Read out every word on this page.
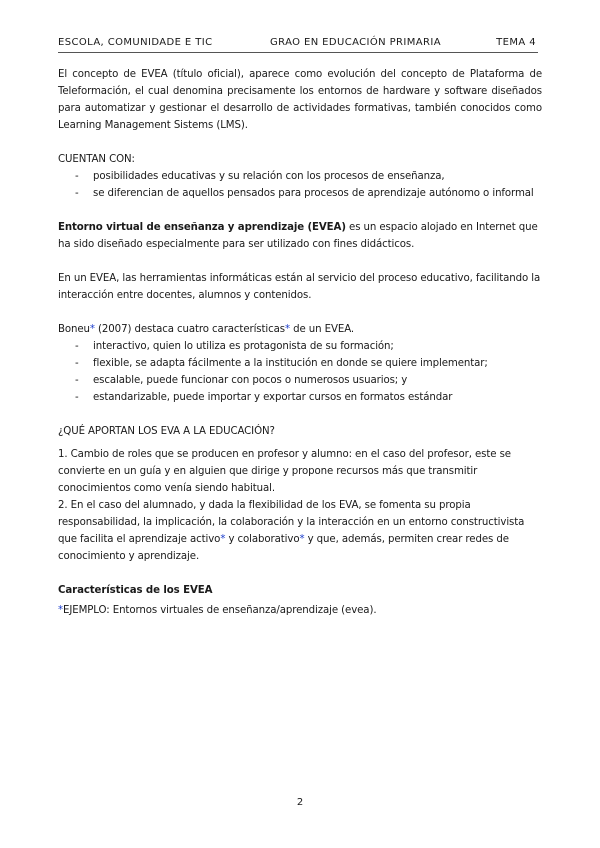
ESCOLA, COMUNIDADE E TIC	GRAO EN EDUCACIÓN PRIMARIA	TEMA 4

El concepto de EVEA (título oficial), aparece como evolución del concepto de Plataforma de Teleformación, el cual denomina precisamente los entornos de hardware y software diseñados para automatizar y gestionar el desarrollo de actividades formativas, también conocidos como Learning Management Sistems (LMS).

CUENTAN CON:

- posibilidades educativas y su relación con los procesos de enseñanza,
- se diferencian de aquellos pensados para procesos de aprendizaje autónomo o informal

Entorno virtual de enseñanza y aprendizaje (EVEA) es un espacio alojado en Internet que ha sido diseñado especialmente para ser utilizado con fines didácticos.

En un EVEA, las herramientas informáticas están al servicio del proceso educativo, facilitando la interacción entre docentes, alumnos y contenidos.

Boneu* (2007) destaca cuatro características* de un EVEA.

- interactivo, quien lo utiliza es protagonista de su formación;
- flexible, se adapta fácilmente a la institución en donde se quiere implementar;
- escalable, puede funcionar con pocos o numerosos usuarios; y
- estandarizable, puede importar y exportar cursos en formatos estándar

¿QUÉ APORTAN LOS EVA A LA EDUCACIÓN?

1. Cambio de roles que se producen en profesor y alumno: en el caso del profesor, este se convierte en un guía y en alguien que dirige y propone recursos más que transmitir conocimientos como venía siendo habitual.

2. En el caso del alumnado, y dada la flexibilidad de los EVA, se fomenta su propia responsabilidad, la implicación, la colaboración y la interacción en un entorno constructivista que facilita el aprendizaje activo* y colaborativo* y que, además, permiten crear redes de conocimiento y aprendizaje.

Características de los EVEA

*EJEMPLO: Entornos virtuales de enseñanza/aprendizaje (evea).

2
